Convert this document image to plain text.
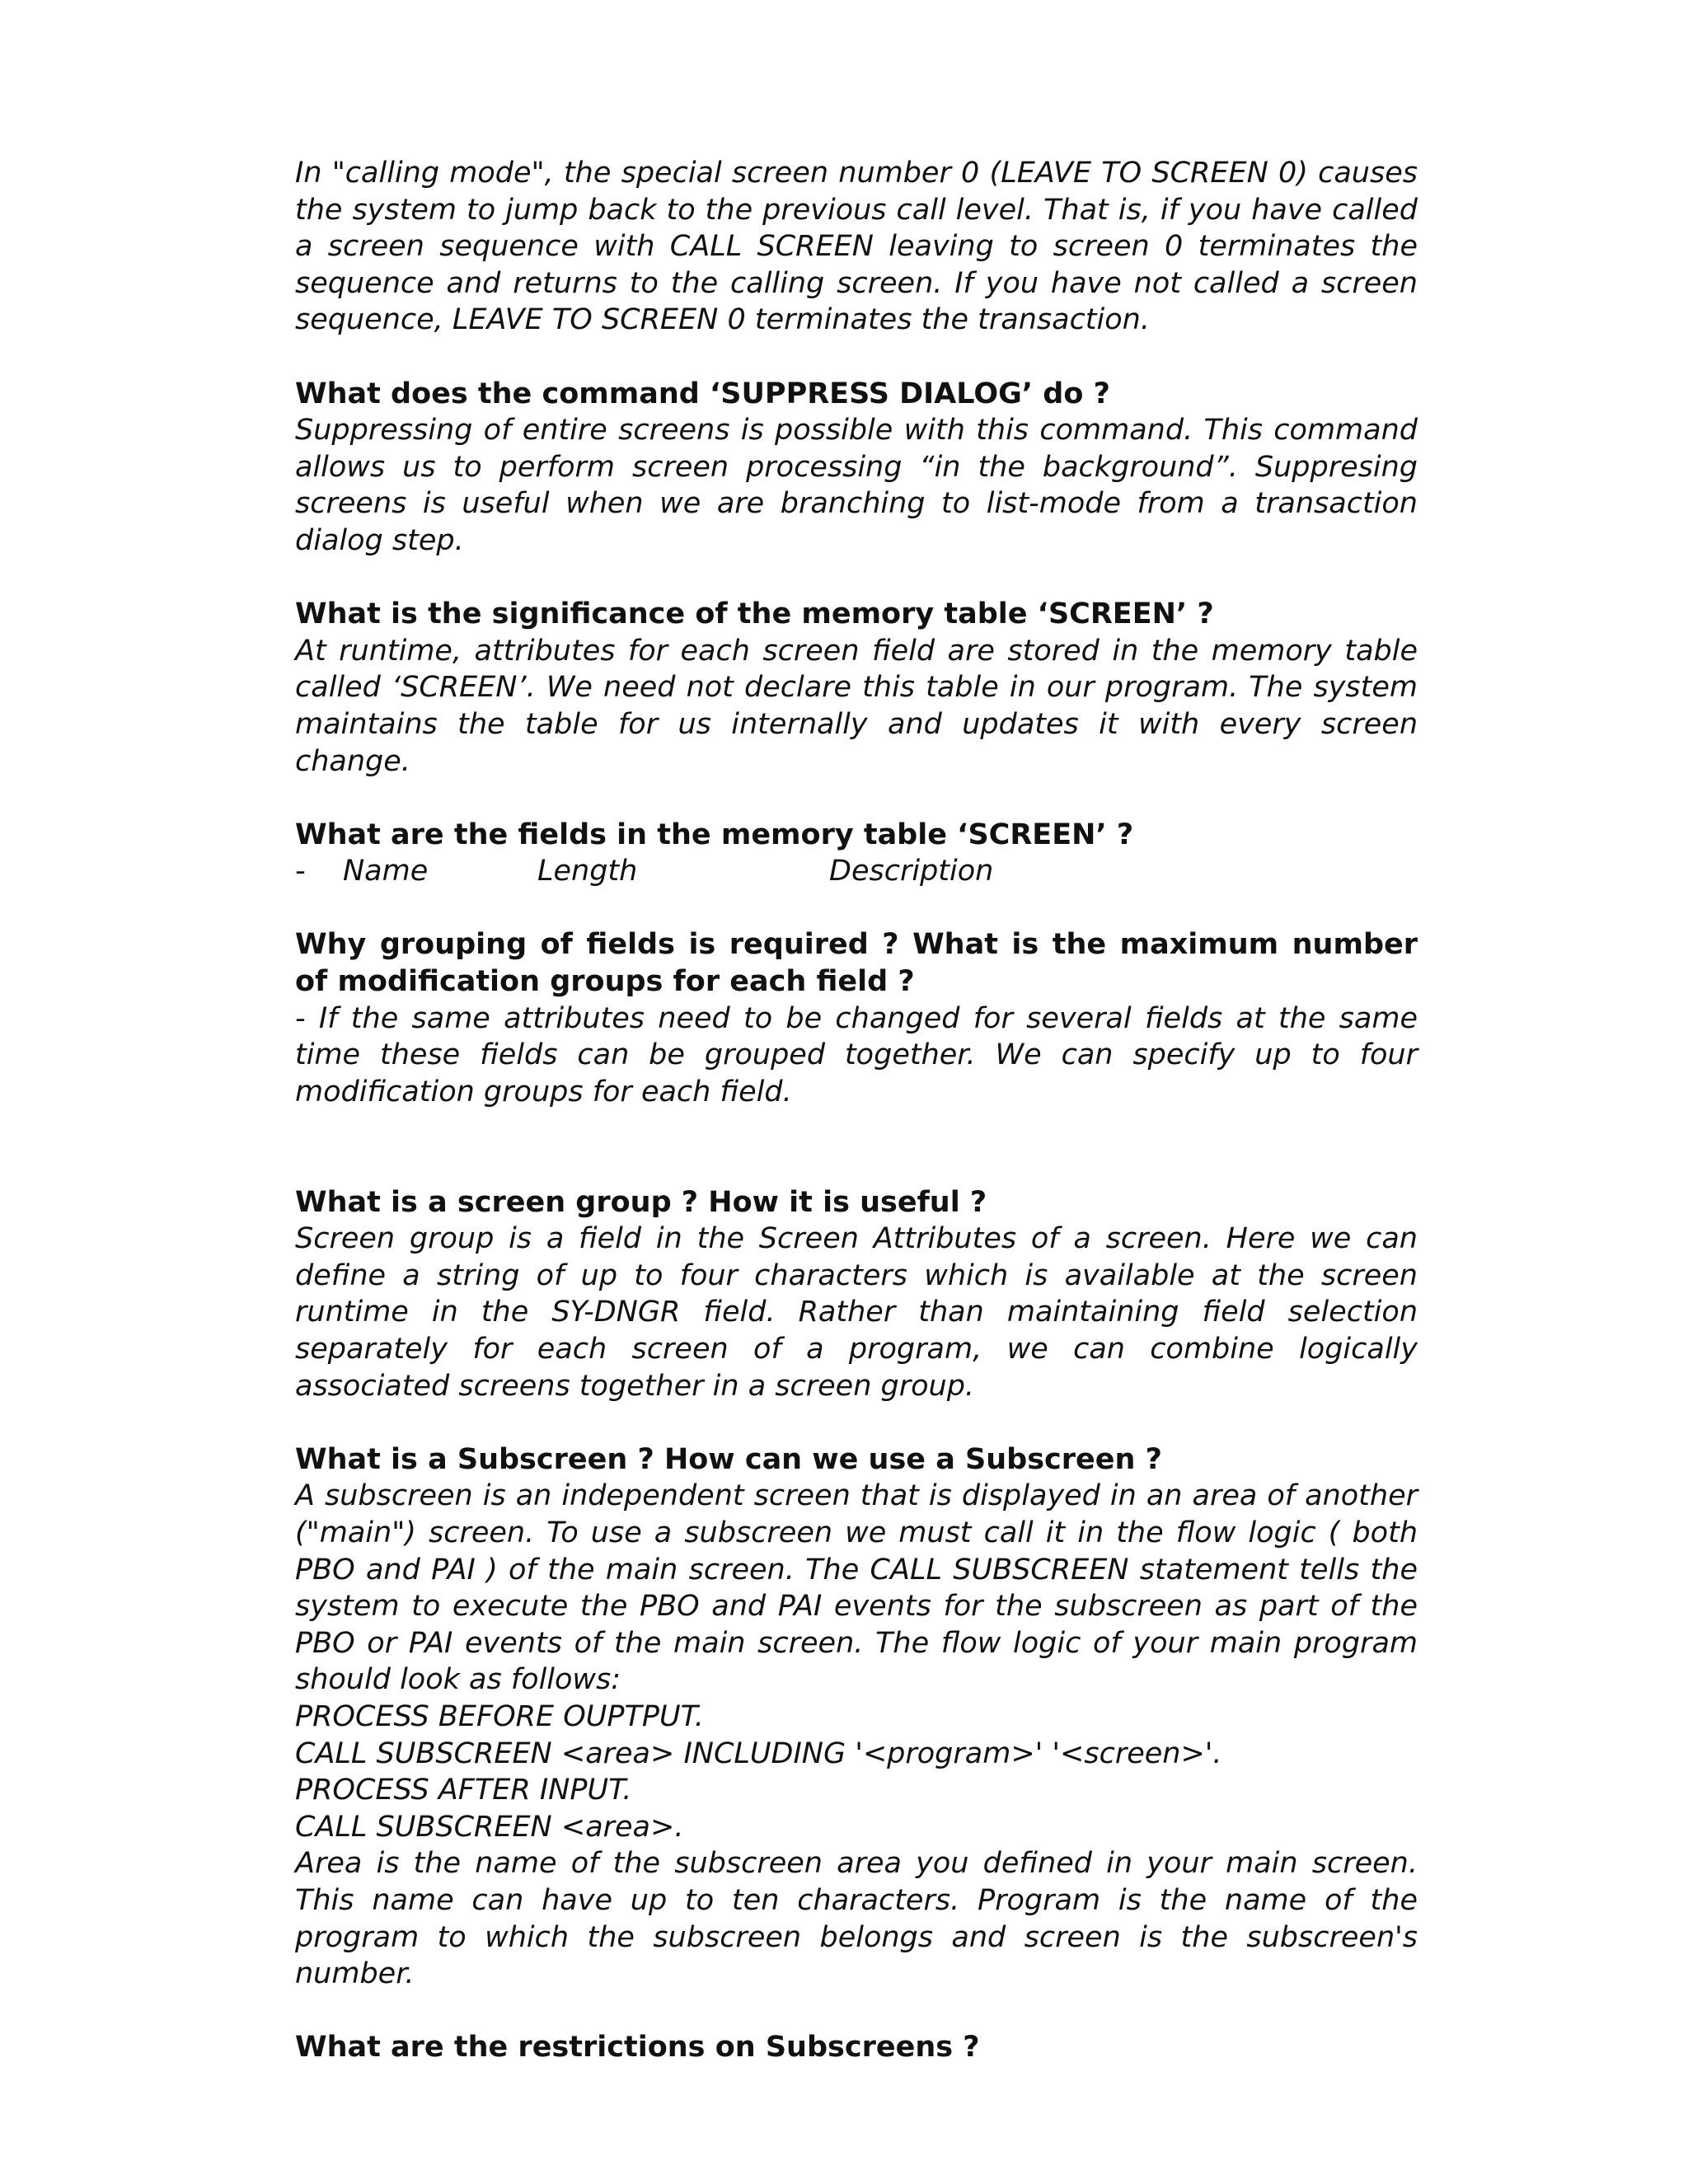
In "calling mode", the special screen number 0 (LEAVE TO SCREEN 0) causes the system to jump back to the previous call level. That is, if you have called a screen sequence with CALL SCREEN leaving to screen 0 terminates the sequence and returns to the calling screen. If you have not called a screen sequence, LEAVE TO SCREEN 0 terminates the transaction.
What does the command ‘SUPPRESS DIALOG’ do ?
Suppressing of entire screens is possible with this command. This command allows us to perform screen processing “in the background”. Suppresing screens is useful when we are branching to list-mode from a transaction dialog step.
What is the significance of the memory table ‘SCREEN’ ?
At runtime, attributes for each screen field are stored in the memory table called ‘SCREEN’. We need not declare this table in our program. The system maintains the table for us internally and updates it with every screen change.
What are the fields in the memory table ‘SCREEN’ ?
- Name	Length	Description
Why grouping of fields is required ? What is the maximum number of modification groups for each field ?
- If the same attributes need to be changed for several fields at the same time these fields can be grouped together. We can specify up to four modification groups for each field.
What is a screen group ? How it is useful ?
Screen group is a field in the Screen Attributes of a screen. Here we can define a string of up to four characters which is available at the screen runtime in the SY-DNGR field. Rather than maintaining field selection separately for each screen of a program, we can combine logically associated screens together in a screen group.
What is a Subscreen ? How can we use a Subscreen ?
A subscreen is an independent screen that is displayed in an area of another ("main") screen. To use a subscreen we must call it in the flow logic ( both PBO and PAI ) of the main screen. The CALL SUBSCREEN statement tells the system to execute the PBO and PAI events for the subscreen as part of the PBO or PAI events of the main screen. The flow logic of your main program should look as follows:
PROCESS BEFORE OUPTPUT.
CALL SUBSCREEN <area> INCLUDING '<program>' '<screen>'.
PROCESS AFTER INPUT.
CALL SUBSCREEN <area>.
Area is the name of the subscreen area you defined in your main screen. This name can have up to ten characters. Program is the name of the program to which the subscreen belongs and screen is the subscreen's number.
What are the restrictions on Subscreens ?
